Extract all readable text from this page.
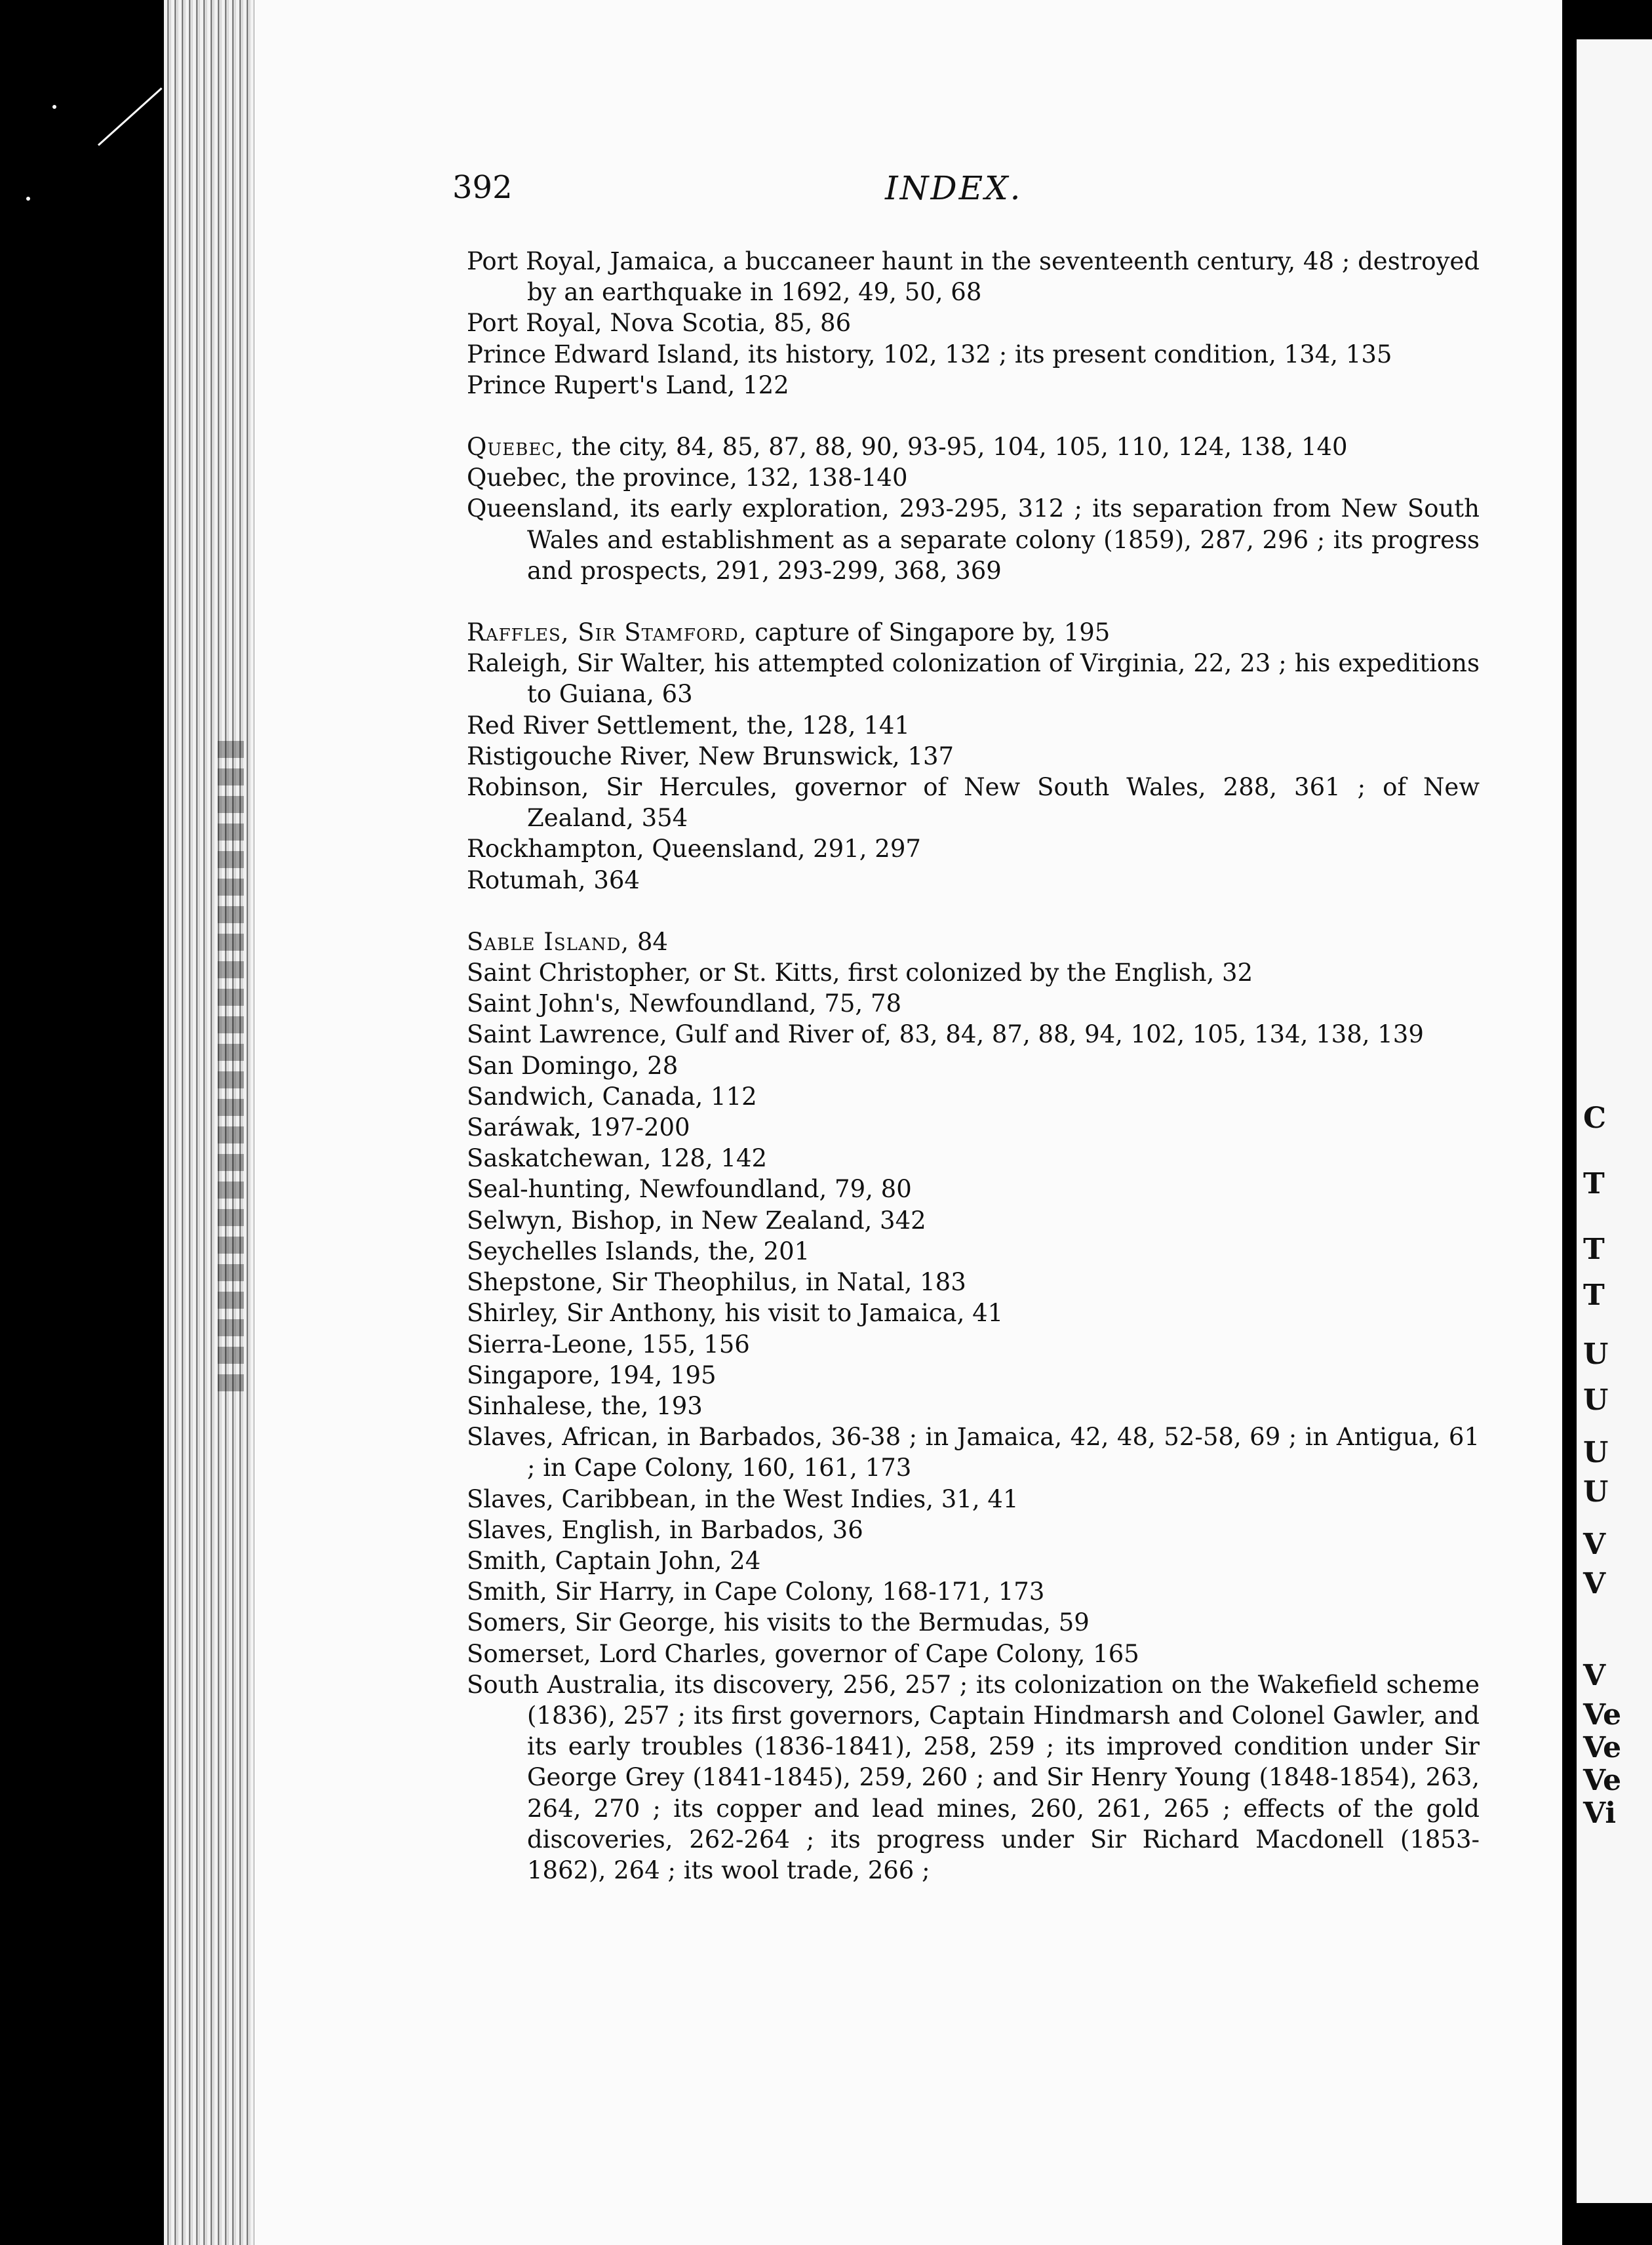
C
T
T
T
U
U
U
U
V
V
V
Ve
Ve
Ve
Vi
392	INDEX.

Port Royal, Jamaica, a buccaneer haunt in the seventeenth century, 48 ; destroyed by an earthquake in 1692, 49, 50, 68

Port Royal, Nova Scotia, 85, 86

Prince Edward Island, its history, 102, 132 ; its present condition, 134, 135

Prince Rupert's Land, 122

Quebec, the city, 84, 85, 87, 88, 90, 93-95, 104, 105, 110, 124, 138, 140

Quebec, the province, 132, 138-140

Queensland, its early exploration, 293-295, 312 ; its separation from New South Wales and establishment as a separate colony (1859), 287, 296 ; its progress and prospects, 291, 293-299, 368, 369

Raffles, Sir Stamford, capture of Singapore by, 195

Raleigh, Sir Walter, his attempted colonization of Virginia, 22, 23 ; his expeditions to Guiana, 63

Red River Settlement, the, 128, 141

Ristigouche River, New Brunswick, 137

Robinson, Sir Hercules, governor of New South Wales, 288, 361 ; of New Zealand, 354

Rockhampton, Queensland, 291, 297

Rotumah, 364

Sable Island, 84

Saint Christopher, or St. Kitts, first colonized by the English, 32

Saint John's, Newfoundland, 75, 78

Saint Lawrence, Gulf and River of, 83, 84, 87, 88, 94, 102, 105, 134, 138, 139

San Domingo, 28

Sandwich, Canada, 112

Saráwak, 197-200

Saskatchewan, 128, 142

Seal-hunting, Newfoundland, 79, 80

Selwyn, Bishop, in New Zealand, 342

Seychelles Islands, the, 201

Shepstone, Sir Theophilus, in Natal, 183

Shirley, Sir Anthony, his visit to Jamaica, 41

Sierra-Leone, 155, 156

Singapore, 194, 195

Sinhalese, the, 193

Slaves, African, in Barbados, 36-38 ; in Jamaica, 42, 48, 52-58, 69 ; in Antigua, 61 ; in Cape Colony, 160, 161, 173

Slaves, Caribbean, in the West Indies, 31, 41

Slaves, English, in Barbados, 36

Smith, Captain John, 24

Smith, Sir Harry, in Cape Colony, 168-171, 173

Somers, Sir George, his visits to the Bermudas, 59

Somerset, Lord Charles, governor of Cape Colony, 165

South Australia, its discovery, 256, 257 ; its colonization on the Wakefield scheme (1836), 257 ; its first governors, Captain Hindmarsh and Colonel Gawler, and its early troubles (1836-1841), 258, 259 ; its improved condition under Sir George Grey (1841-1845), 259, 260 ; and Sir Henry Young (1848-1854), 263, 264, 270 ; its copper and lead mines, 260, 261, 265 ; effects of the gold discoveries, 262-264 ; its progress under Sir Richard Macdonell (1853-1862), 264 ; its wool trade, 266 ;
